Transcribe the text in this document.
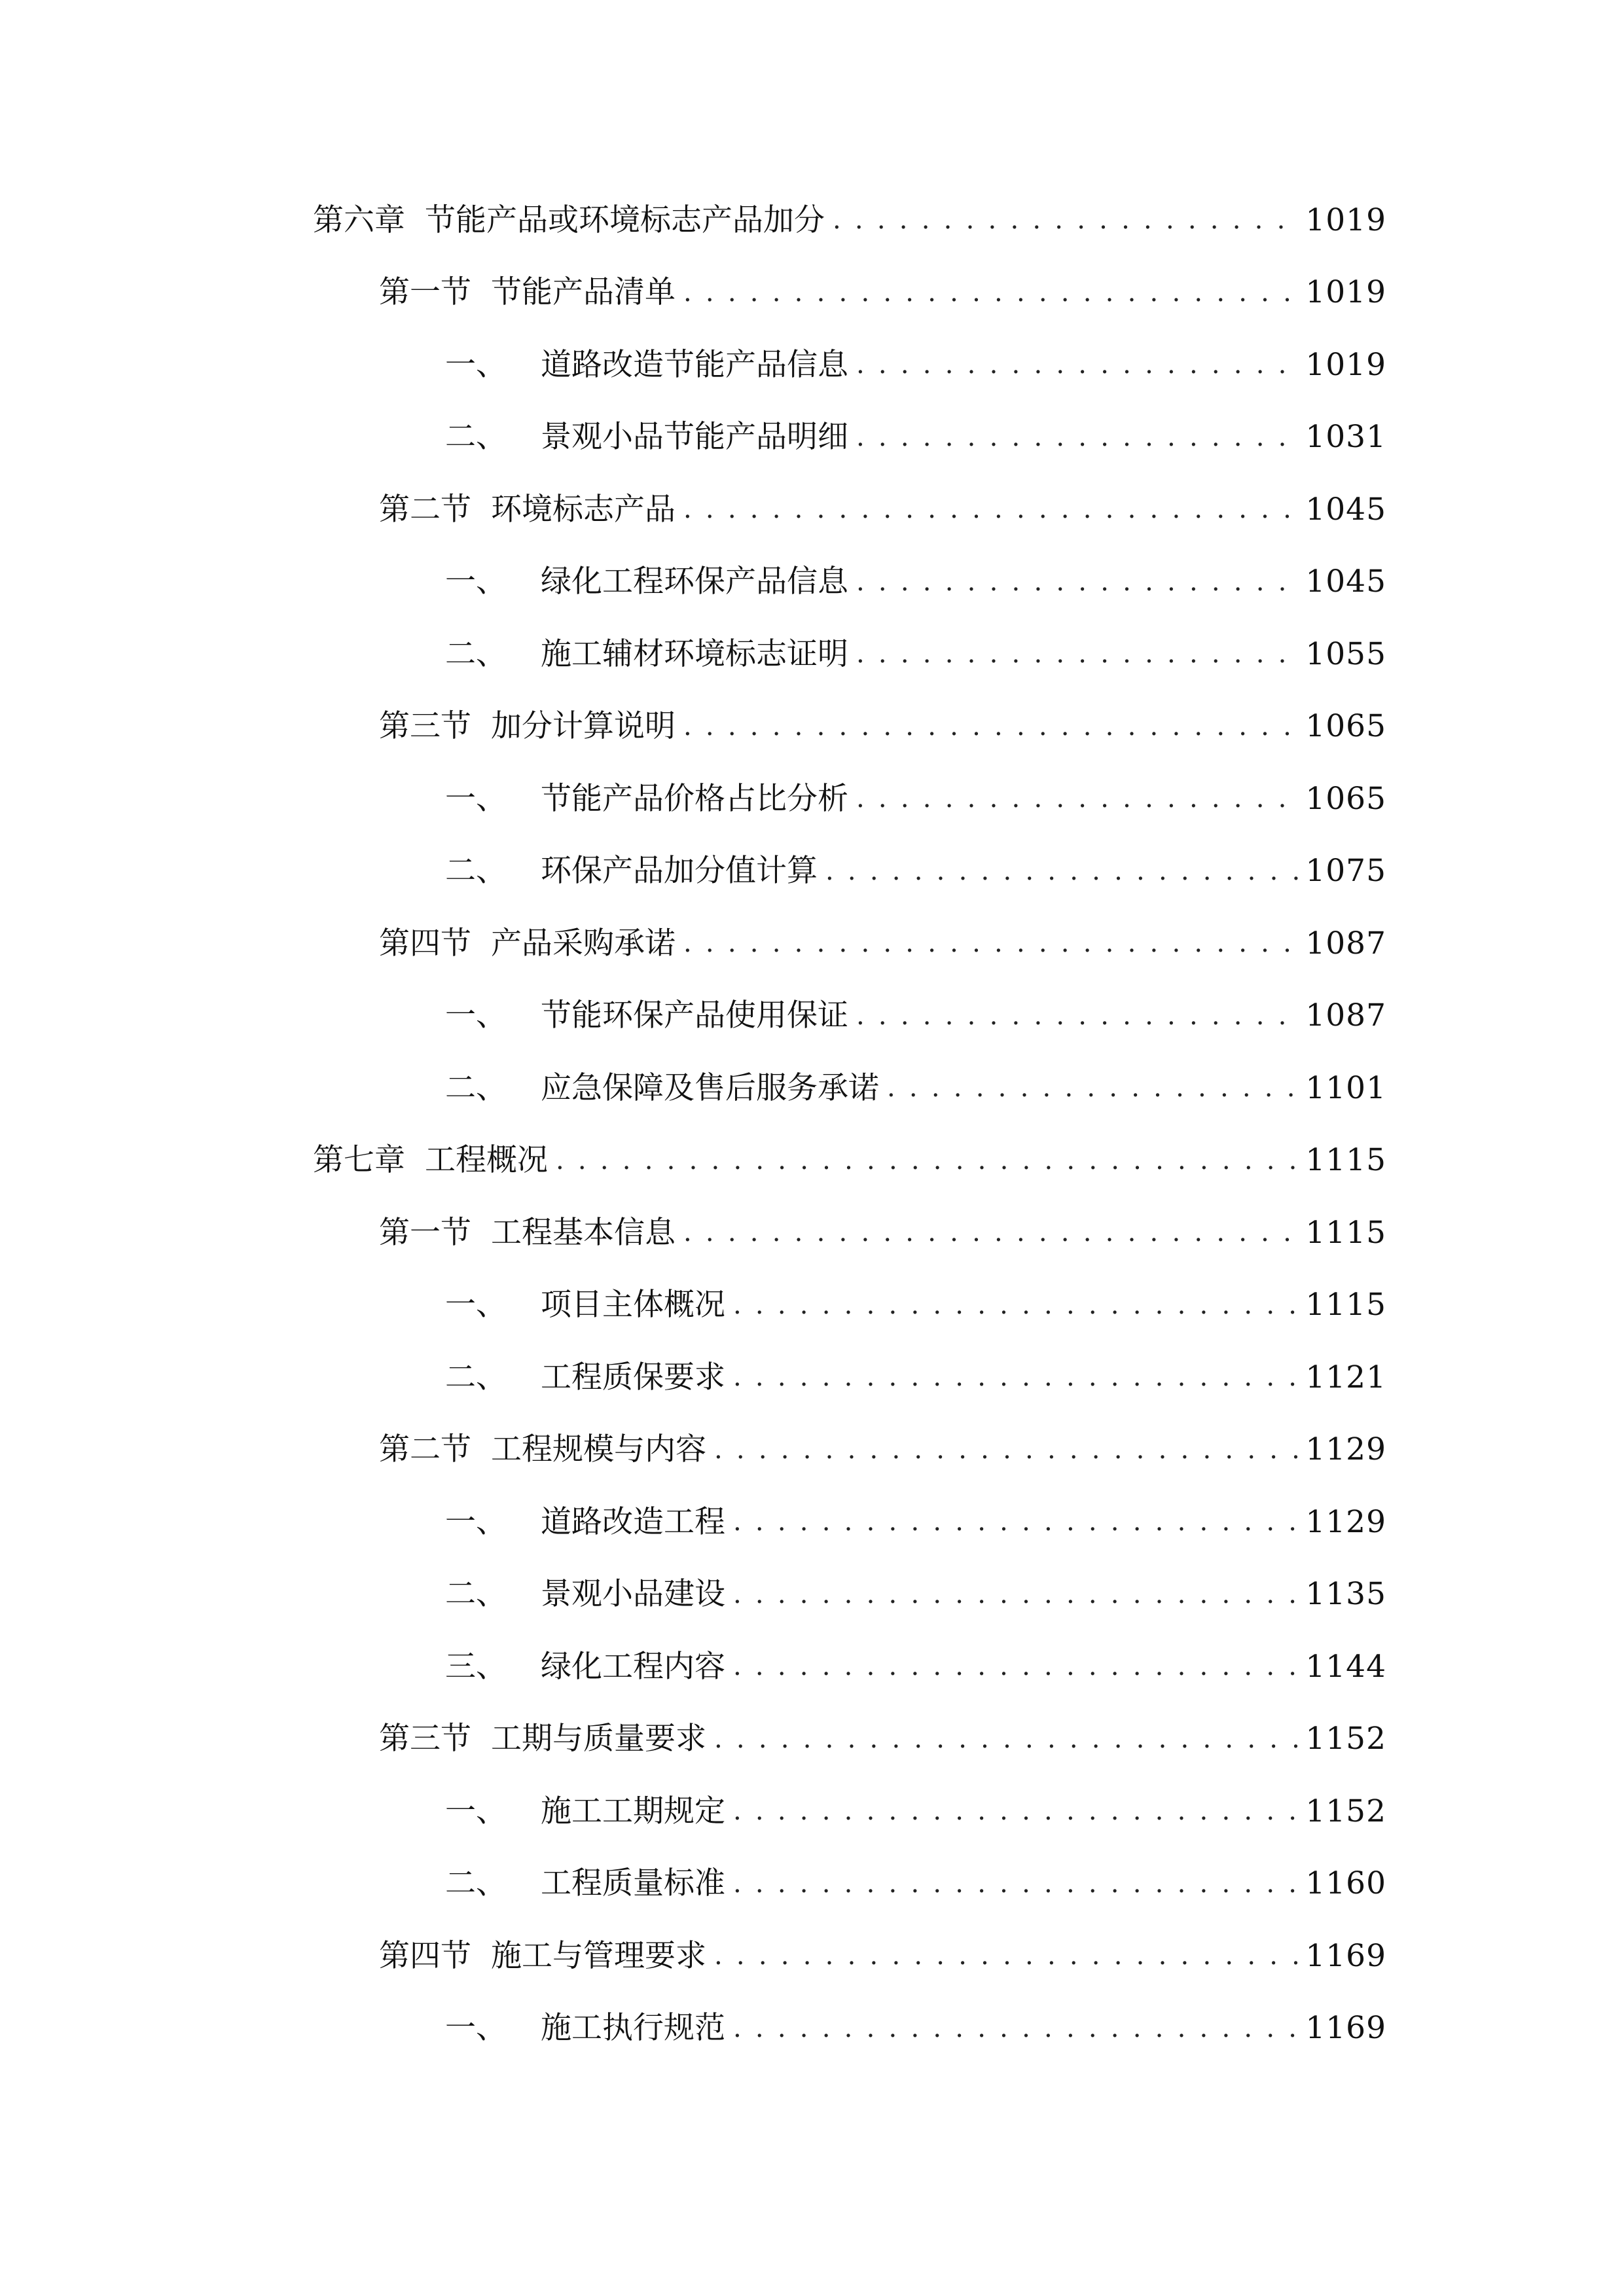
第六章 节能产品或环境标志产品加分 . . .	1019
第一节 节能产品清单 . . .	1019
一、 道路改造节能产品信息 . . .	1019
二、 景观小品节能产品明细 . . .	1031
第二节 环境标志产品 . . .	1045
一、 绿化工程环保产品信息 . . .	1045
二、 施工辅材环境标志证明 . . .	1055
第三节 加分计算说明 . . .	1065
一、 节能产品价格占比分析 . . .	1065
二、 环保产品加分值计算 . . .	1075
第四节 产品采购承诺 . . .	1087
一、 节能环保产品使用保证 . . .	1087
二、 应急保障及售后服务承诺 . . .	1101
第七章 工程概况 . . .	1115
第一节 工程基本信息 . . .	1115
一、 项目主体概况 . . .	1115
二、 工程质保要求 . . .	1121
第二节 工程规模与内容 . . .	1129
一、 道路改造工程 . . .	1129
二、 景观小品建设 . . .	1135
三、 绿化工程内容 . . .	1144
第三节 工期与质量要求 . . .	1152
一、 施工工期规定 . . .	1152
二、 工程质量标准 . . .	1160
第四节 施工与管理要求 . . .	1169
一、 施工执行规范 . . .	1169
